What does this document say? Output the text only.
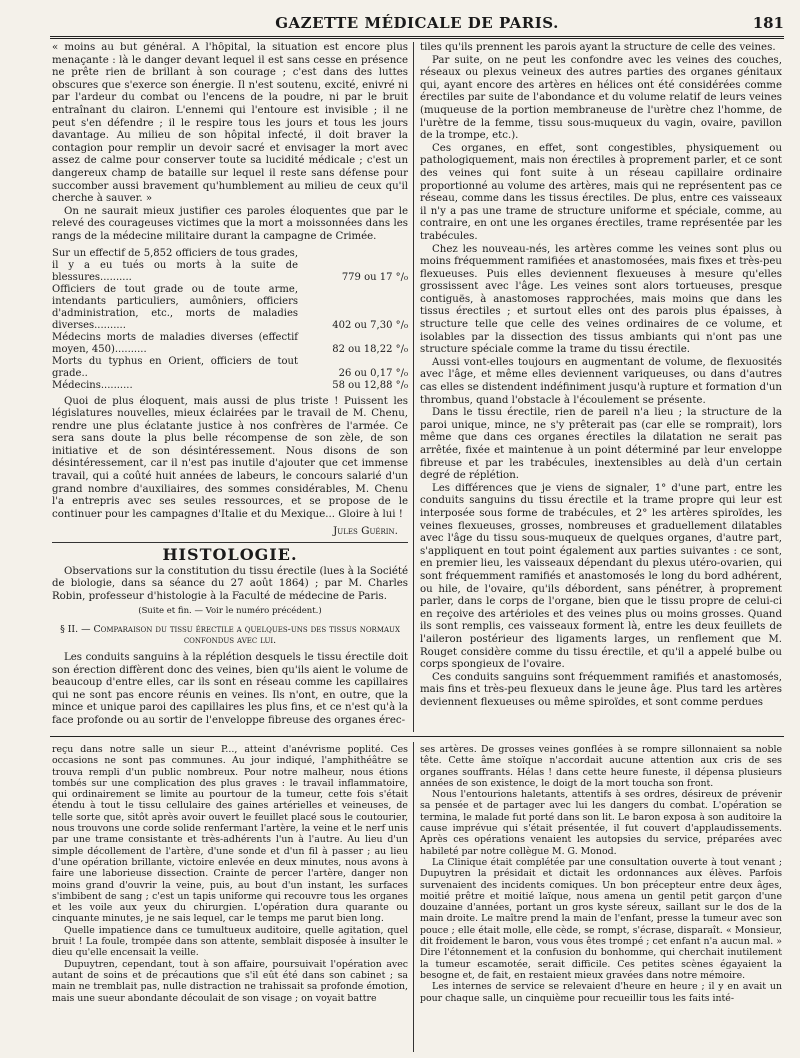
GAZETTE MÉDICALE DE PARIS.	181

« moins au but général. A l'hôpital, la situation est encore plus menaçante : là le danger devant lequel il est sans cesse en présence ne prête rien de brillant à son courage ; c'est dans des luttes obscures que s'exerce son énergie. Il n'est soutenu, excité, enivré ni par l'ardeur du combat ou l'encens de la poudre, ni par le bruit entraînant du clairon. L'ennemi qui l'entoure est invisible ; il ne peut s'en défendre ; il le respire tous les jours et tous les jours davantage. Au milieu de son hôpital infecté, il doit braver la contagion pour remplir un devoir sacré et envisager la mort avec assez de calme pour conserver toute sa lucidité médicale ; c'est un dangereux champ de bataille sur lequel il reste sans défense pour succomber aussi bravement qu'humblement au milieu de ceux qu'il cherche à sauver. »

On ne saurait mieux justifier ces paroles éloquentes que par le relevé des courageuses victimes que la mort a moissonnées dans les rangs de la médecine militaire durant la campagne de Crimée.

Sur un effectif de 5,852 officiers de tous grades, il y a eu tués ou morts à la suite de blessures..........	779 ou 17 °/₀
Officiers de tout grade ou de toute arme, intendants particuliers, aumôniers, officiers d'administration, etc., morts de maladies diverses..........	402 ou 7,30 °/₀
Médecins morts de maladies diverses (effectif moyen, 450)..........	82 ou 18,22 °/₀
Morts du typhus en Orient, officiers de tout grade..	26 ou 0,17 °/₀
Médecins..........	58 ou 12,88 °/₀

Quoi de plus éloquent, mais aussi de plus triste ! Puissent les législatures nouvelles, mieux éclairées par le travail de M. Chenu, rendre une plus éclatante justice à nos confrères de l'armée. Ce sera sans doute la plus belle récompense de son zèle, de son initiative et de son désintéressement. Nous disons de son désintéressement, car il n'est pas inutile d'ajouter que cet immense travail, qui a coûté huit années de labeurs, le concours salarié d'un grand nombre d'auxiliaires, des sommes considérables, M. Chenu l'a entrepris avec ses seules ressources, et se propose de le continuer pour les campagnes d'Italie et du Mexique... Gloire à lui !

Jules Guérin.
HISTOLOGIE.

Observations sur la constitution du tissu érectile (lues à la Société de biologie, dans sa séance du 27 août 1864) ; par M. Charles Robin, professeur d'histologie à la Faculté de médecine de Paris.

(Suite et fin. — Voir le numéro précédent.)
§ II. — Comparaison du tissu érectile a quelques-uns des tissus normaux confondus avec lui.

Les conduits sanguins à la réplétion desquels le tissu érectile doit son érection diffèrent donc des veines, bien qu'ils aient le volume de beaucoup d'entre elles, car ils sont en réseau comme les capillaires qui ne sont pas encore réunis en veines. Ils n'ont, en outre, que la mince et unique paroi des capillaires les plus fins, et ce n'est qu'à la face profonde ou au sortir de l'enveloppe fibreuse des organes érec-

tiles qu'ils prennent les parois ayant la structure de celle des veines.

Par suite, on ne peut les confondre avec les veines des couches, réseaux ou plexus veineux des autres parties des organes génitaux qui, ayant encore des artères en hélices ont été considérées comme érectiles par suite de l'abondance et du volume relatif de leurs veines (muqueuse de la portion membraneuse de l'urètre chez l'homme, de l'urètre de la femme, tissu sous-muqueux du vagin, ovaire, pavillon de la trompe, etc.).

Ces organes, en effet, sont congestibles, physiquement ou pathologiquement, mais non érectiles à proprement parler, et ce sont des veines qui font suite à un réseau capillaire ordinaire proportionné au volume des artères, mais qui ne représentent pas ce réseau, comme dans les tissus érectiles. De plus, entre ces vaisseaux il n'y a pas une trame de structure uniforme et spéciale, comme, au contraire, en ont une les organes érectiles, trame représentée par les trabécules.

Chez les nouveau-nés, les artères comme les veines sont plus ou moins fréquemment ramifiées et anastomosées, mais fixes et très-peu flexueuses. Puis elles deviennent flexueuses à mesure qu'elles grossissent avec l'âge. Les veines sont alors tortueuses, presque contiguës, à anastomoses rapprochées, mais moins que dans les tissus érectiles ; et surtout elles ont des parois plus épaisses, à structure telle que celle des veines ordinaires de ce volume, et isolables par la dissection des tissus ambiants qui n'ont pas une structure spéciale comme la trame du tissu érectile.

Aussi vont-elles toujours en augmentant de volume, de flexuosités avec l'âge, et même elles deviennent variqueuses, ou dans d'autres cas elles se distendent indéfiniment jusqu'à rupture et formation d'un thrombus, quand l'obstacle à l'écoulement se présente.

Dans le tissu érectile, rien de pareil n'a lieu ; la structure de la paroi unique, mince, ne s'y prêterait pas (car elle se romprait), lors même que dans ces organes érectiles la dilatation ne serait pas arrêtée, fixée et maintenue à un point déterminé par leur enveloppe fibreuse et par les trabécules, inextensibles au delà d'un certain degré de réplétion.

Les différences que je viens de signaler, 1° d'une part, entre les conduits sanguins du tissu érectile et la trame propre qui leur est interposée sous forme de trabécules, et 2° les artères spiroïdes, les veines flexueuses, grosses, nombreuses et graduellement dilatables avec l'âge du tissu sous-muqueux de quelques organes, d'autre part, s'appliquent en tout point également aux parties suivantes : ce sont, en premier lieu, les vaisseaux dépendant du plexus utéro-ovarien, qui sont fréquemment ramifiés et anastomosés le long du bord adhérent, ou hile, de l'ovaire, qu'ils débordent, sans pénétrer, à proprement parler, dans le corps de l'organe, bien que le tissu propre de celui-ci en reçoive des artérioles et des veines plus ou moins grosses. Quand ils sont remplis, ces vaisseaux forment là, entre les deux feuillets de l'aileron postérieur des ligaments larges, un renflement que M. Rouget considère comme du tissu érectile, et qu'il a appelé bulbe ou corps spongieux de l'ovaire.

Ces conduits sanguins sont fréquemment ramifiés et anastomosés, mais fins et très-peu flexueux dans le jeune âge. Plus tard les artères deviennent flexueuses ou même spiroïdes, et sont comme perdues

reçu dans notre salle un sieur P..., atteint d'anévrisme poplité. Ces occasions ne sont pas communes. Au jour indiqué, l'amphithéâtre se trouva rempli d'un public nombreux. Pour notre malheur, nous étions tombés sur une complication des plus graves : le travail inflammatoire, qui ordinairement se limite au pourtour de la tumeur, cette fois s'était étendu à tout le tissu cellulaire des gaines artérielles et veineuses, de telle sorte que, sitôt après avoir ouvert le feuillet placé sous le coutourier, nous trouvons une corde solide renfermant l'artère, la veine et le nerf unis par une trame consistante et très-adhérents l'un à l'autre. Au lieu d'un simple décollement de l'artère, d'une sonde et d'un fil à passer ; au lieu d'une opération brillante, victoire enlevée en deux minutes, nous avons à faire une laborieuse dissection. Crainte de percer l'artère, danger non moins grand d'ouvrir la veine, puis, au bout d'un instant, les surfaces s'imbibent de sang ; c'est un tapis uniforme qui recouvre tous les organes et les voile aux yeux du chirurgien. L'opération dura quarante ou cinquante minutes, je ne sais lequel, car le temps me parut bien long.

Quelle impatience dans ce tumultueux auditoire, quelle agitation, quel bruit ! La foule, trompée dans son attente, semblait disposée à insulter le dieu qu'elle encensait la veille.

Dupuytren, cependant, tout à son affaire, poursuivait l'opération avec autant de soins et de précautions que s'il eût été dans son cabinet ; sa main ne tremblait pas, nulle distraction ne trahissait sa profonde émotion, mais une sueur abondante découlait de son visage ; on voyait battre

ses artères. De grosses veines gonflées à se rompre sillonnaient sa noble tête. Cette âme stoïque n'accordait aucune attention aux cris de ses organes souffrants. Hélas ! dans cette heure funeste, il dépensa plusieurs années de son existence, le doigt de la mort toucha son front.

Nous l'entourions haletants, attentifs à ses ordres, désireux de prévenir sa pensée et de partager avec lui les dangers du combat. L'opération se termina, le malade fut porté dans son lit. Le baron exposa à son auditoire la cause imprévue qui s'était présentée, il fut couvert d'applaudissements. Après ces opérations venaient les autopsies du service, préparées avec habileté par notre collègue M. G. Monod.

La Clinique était complétée par une consultation ouverte à tout venant ; Dupuytren la présidait et dictait les ordonnances aux élèves. Parfois survenaient des incidents comiques. Un bon précepteur entre deux âges, moitié prêtre et moitié laïque, nous amena un gentil petit garçon d'une douzaine d'années, portant un gros kyste séreux, saillant sur le dos de la main droite. Le maître prend la main de l'enfant, presse la tumeur avec son pouce ; elle était molle, elle cède, se rompt, s'écrase, disparaît. « Monsieur, dit froidement le baron, vous vous êtes trompé ; cet enfant n'a aucun mal. » Dire l'étonnement et la confusion du bonhomme, qui cherchait inutilement la tumeur escamotée, serait difficile. Ces petites scènes égayaient la besogne et, de fait, en restaient mieux gravées dans notre mémoire.

Les internes de service se relevaient d'heure en heure ; il y en avait un pour chaque salle, un cinquième pour recueillir tous les faits inté-
